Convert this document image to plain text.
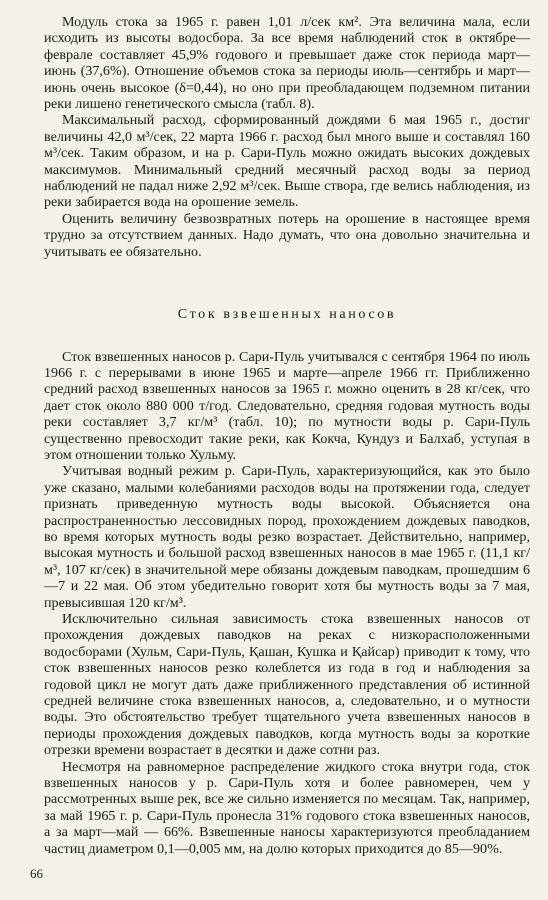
Модуль стока за 1965 г. равен 1,01 л/сек км². Эта величина мала, если исходить из высоты водосбора. За все время наблюдений сток в октябре—феврале составляет 45,9% годового и превышает даже сток периода март—июнь (37,6%). Отношение объемов стока за периоды июль—сентябрь и март—июнь очень высокое (δ=0,44), но оно при преобладающем подземном питании реки лишено генетического смысла (табл. 8).

Максимальный расход, сформированный дождями 6 мая 1965 г., достиг величины 42,0 м³/сек, 22 марта 1966 г. расход был много выше и составлял 160 м³/сек. Таким образом, и на р. Сари-Пуль можно ожидать высоких дождевых максимумов. Минимальный средний месячный расход воды за период наблюдений не падал ниже 2,92 м³/сек. Выше створа, где велись наблюдения, из реки забирается вода на орошение земель.

Оценить величину безвозвратных потерь на орошение в настоящее время трудно за отсутствием данных. Надо думать, что она довольно значительна и учитывать ее обязательно.

Сток взвешенных наносов

Сток взвешенных наносов р. Сари-Пуль учитывался с сентября 1964 по июль 1966 г. с перерывами в июне 1965 и марте—апреле 1966 гг. Приближенно средний расход взвешенных наносов за 1965 г. можно оценить в 28 кг/сек, что дает сток около 880 000 т/год. Следовательно, средняя годовая мутность воды реки составляет 3,7 кг/м³ (табл. 10); по мутности воды р. Сари-Пуль существенно превосходит такие реки, как Кокча, Кундуз и Балхаб, уступая в этом отношении только Хульму.

Учитывая водный режим р. Сари-Пуль, характеризующийся, как это было уже сказано, малыми колебаниями расходов воды на протяжении года, следует признать приведенную мутность воды высокой. Объясняется она распространенностью лессовидных пород, прохождением дождевых паводков, во время которых мутность воды резко возрастает. Действительно, например, высокая мутность и большой расход взвешенных наносов в мае 1965 г. (11,1 кг/м³, 107 кг/сек) в значительной мере обязаны дождевым паводкам, прошедшим 6—7 и 22 мая. Об этом убедительно говорит хотя бы мутность воды за 7 мая, превысившая 120 кг/м³.

Исключительно сильная зависимость стока взвешенных наносов от прохождения дождевых паводков на реках с низкорасположенными водосборами (Хульм, Сари-Пуль, Қашан, Кушка и Қайсар) приводит к тому, что сток взвешенных наносов резко колеблется из года в год и наблюдения за годовой цикл не могут дать даже приближенного представления об истинной средней величине стока взвешенных наносов, а, следовательно, и о мутности воды. Это обстоятельство требует тщательного учета взвешенных наносов в периоды прохождения дождевых паводков, когда мутность воды за короткие отрезки времени возрастает в десятки и даже сотни раз.

Несмотря на равномерное распределение жидкого стока внутри года, сток взвешенных наносов у р. Сари-Пуль хотя и более равномерен, чем у рассмотренных выше рек, все же сильно изменяется по месяцам. Так, например, за май 1965 г. р. Сари-Пуль пронесла 31% годового стока взвешенных наносов, а за март—май — 66%. Взвешенные наносы характеризуются преобладанием частиц диаметром 0,1—0,005 мм, на долю которых приходится до 85—90%.

66
